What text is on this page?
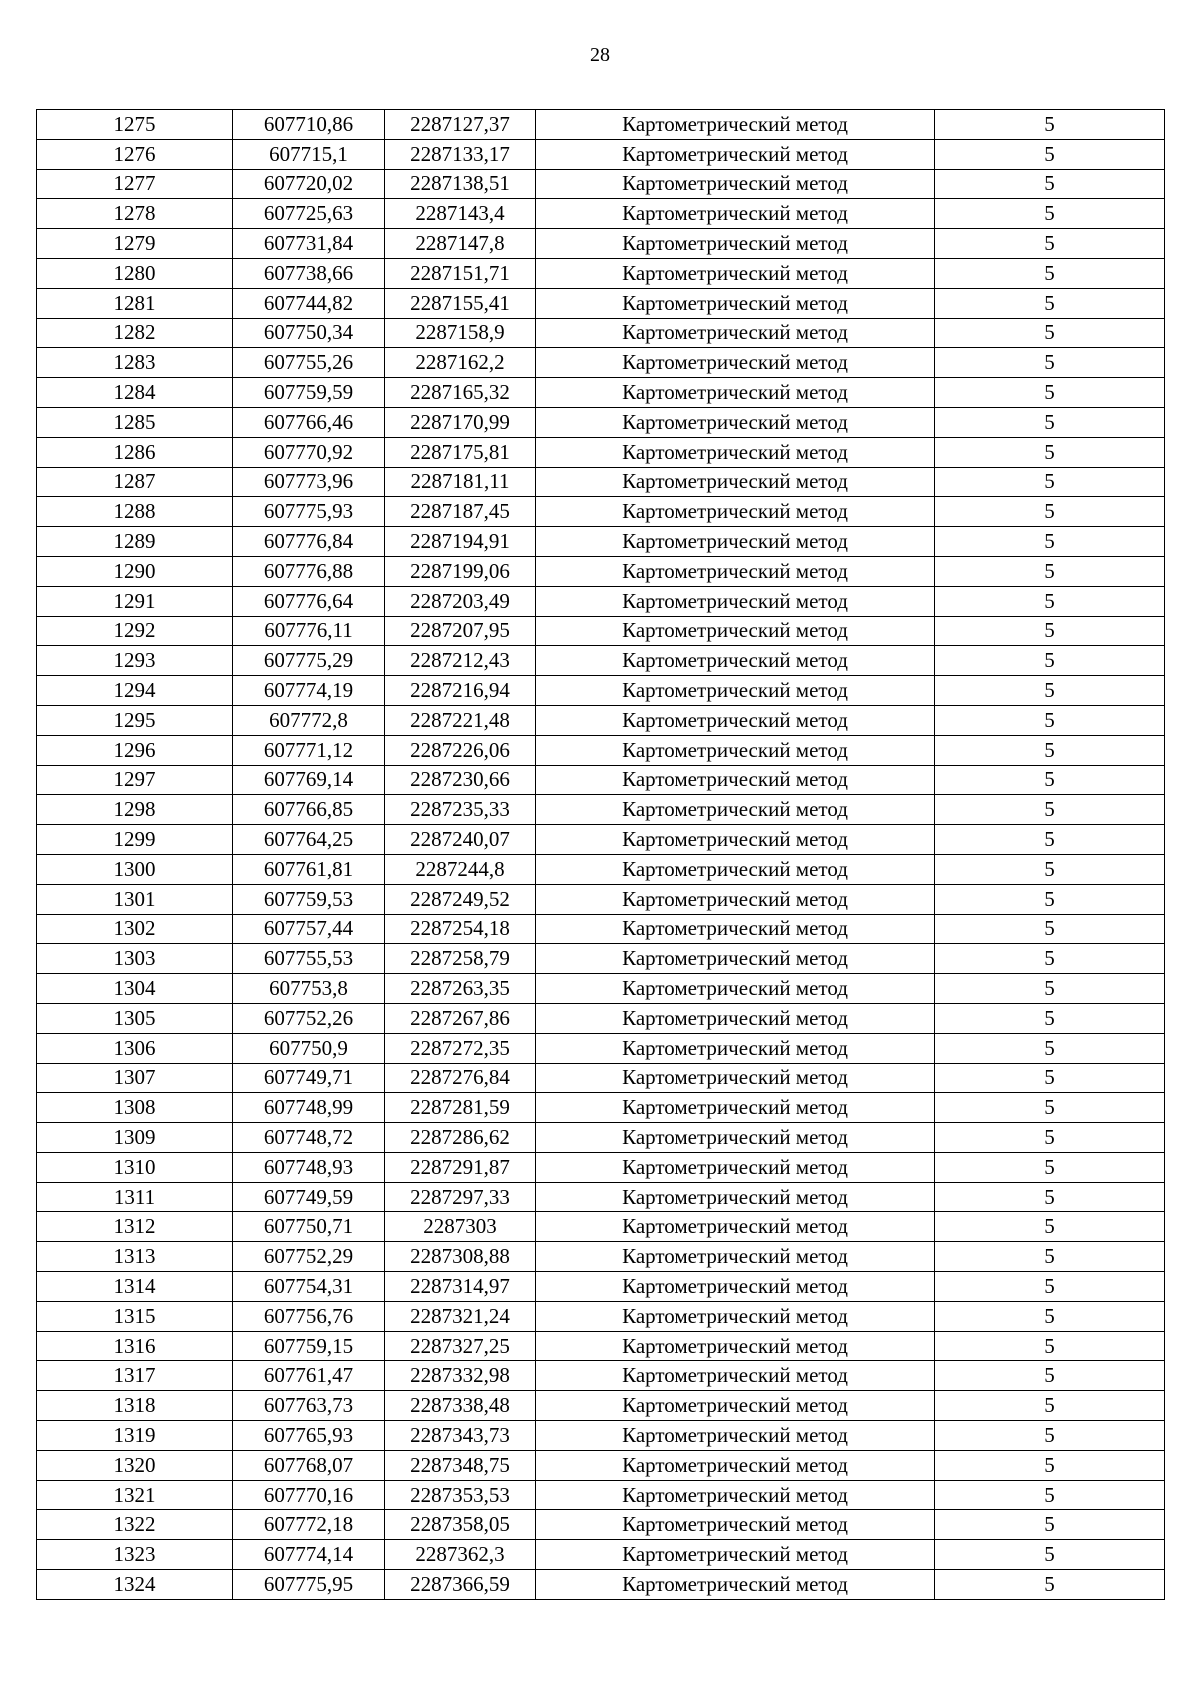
28
1275	607710,86	2287127,37	Картометрический метод	5
1276	607715,1	2287133,17	Картометрический метод	5
1277	607720,02	2287138,51	Картометрический метод	5
1278	607725,63	2287143,4	Картометрический метод	5
1279	607731,84	2287147,8	Картометрический метод	5
1280	607738,66	2287151,71	Картометрический метод	5
1281	607744,82	2287155,41	Картометрический метод	5
1282	607750,34	2287158,9	Картометрический метод	5
1283	607755,26	2287162,2	Картометрический метод	5
1284	607759,59	2287165,32	Картометрический метод	5
1285	607766,46	2287170,99	Картометрический метод	5
1286	607770,92	2287175,81	Картометрический метод	5
1287	607773,96	2287181,11	Картометрический метод	5
1288	607775,93	2287187,45	Картометрический метод	5
1289	607776,84	2287194,91	Картометрический метод	5
1290	607776,88	2287199,06	Картометрический метод	5
1291	607776,64	2287203,49	Картометрический метод	5
1292	607776,11	2287207,95	Картометрический метод	5
1293	607775,29	2287212,43	Картометрический метод	5
1294	607774,19	2287216,94	Картометрический метод	5
1295	607772,8	2287221,48	Картометрический метод	5
1296	607771,12	2287226,06	Картометрический метод	5
1297	607769,14	2287230,66	Картометрический метод	5
1298	607766,85	2287235,33	Картометрический метод	5
1299	607764,25	2287240,07	Картометрический метод	5
1300	607761,81	2287244,8	Картометрический метод	5
1301	607759,53	2287249,52	Картометрический метод	5
1302	607757,44	2287254,18	Картометрический метод	5
1303	607755,53	2287258,79	Картометрический метод	5
1304	607753,8	2287263,35	Картометрический метод	5
1305	607752,26	2287267,86	Картометрический метод	5
1306	607750,9	2287272,35	Картометрический метод	5
1307	607749,71	2287276,84	Картометрический метод	5
1308	607748,99	2287281,59	Картометрический метод	5
1309	607748,72	2287286,62	Картометрический метод	5
1310	607748,93	2287291,87	Картометрический метод	5
1311	607749,59	2287297,33	Картометрический метод	5
1312	607750,71	2287303	Картометрический метод	5
1313	607752,29	2287308,88	Картометрический метод	5
1314	607754,31	2287314,97	Картометрический метод	5
1315	607756,76	2287321,24	Картометрический метод	5
1316	607759,15	2287327,25	Картометрический метод	5
1317	607761,47	2287332,98	Картометрический метод	5
1318	607763,73	2287338,48	Картометрический метод	5
1319	607765,93	2287343,73	Картометрический метод	5
1320	607768,07	2287348,75	Картометрический метод	5
1321	607770,16	2287353,53	Картометрический метод	5
1322	607772,18	2287358,05	Картометрический метод	5
1323	607774,14	2287362,3	Картометрический метод	5
1324	607775,95	2287366,59	Картометрический метод	5
